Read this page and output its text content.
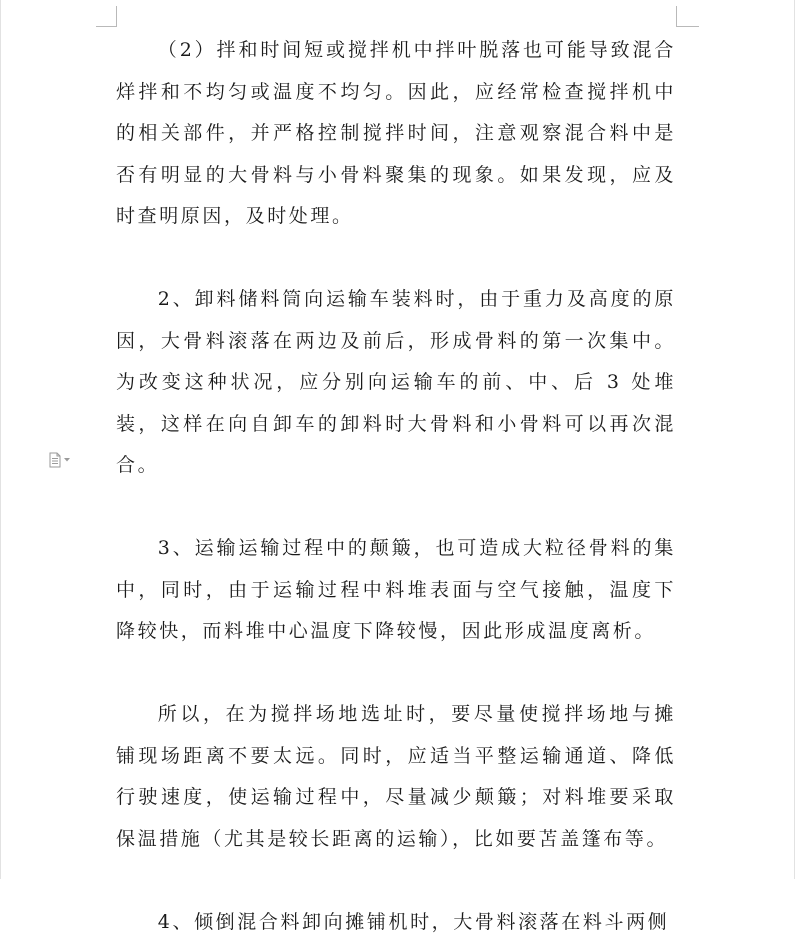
（2）拌和时间短或搅拌机中拌叶脱落也可能导致混合烊拌和不均匀或温度不均匀。因此，应经常检查搅拌机中的相关部件，并严格控制搅拌时间，注意观察混合料中是否有明显的大骨料与小骨料聚集的现象。如果发现，应及时查明原因，及时处理。

2、卸料储料筒向运输车装料时，由于重力及高度的原因，大骨料滚落在两边及前后，形成骨料的第一次集中。为改变这种状况，应分别向运输车的前、中、后 3 处堆装，这样在向自卸车的卸料时大骨料和小骨料可以再次混合。

3、运输运输过程中的颠簸，也可造成大粒径骨料的集中，同时，由于运输过程中料堆表面与空气接触，温度下降较快，而料堆中心温度下降较慢，因此形成温度离析。

所以，在为搅拌场地选址时，要尽量使搅拌场地与摊铺现场距离不要太远。同时，应适当平整运输通道、降低行驶速度，使运输过程中，尽量减少颠簸；对料堆要采取保温措施（尤其是较长距离的运输），比如要苫盖篷布等。

4、倾倒混合料卸向摊铺机时，大骨料滚落在料斗两侧
